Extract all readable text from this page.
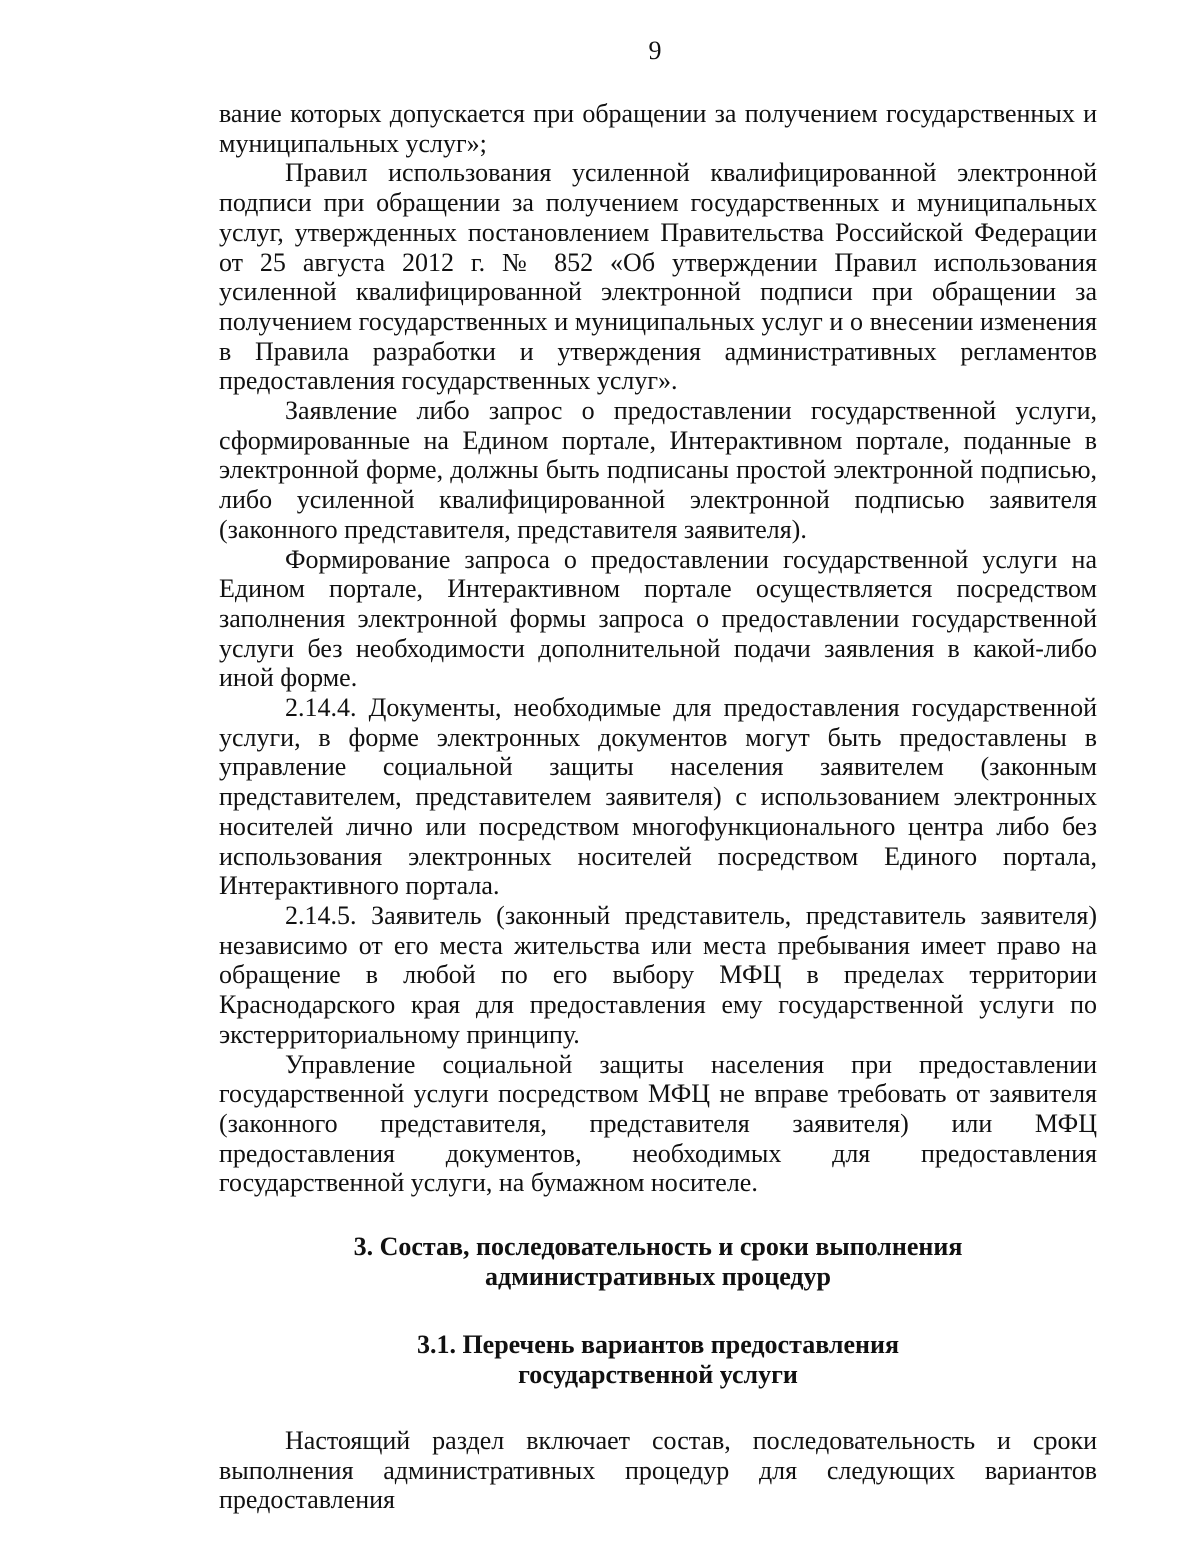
9

вание которых допускается при обращении за получением государственных и муниципальных услуг»;

Правил использования усиленной квалифицированной электронной подписи при обращении за получением государственных и муниципальных услуг, утвержденных постановлением Правительства Российской Федерации от 25 августа 2012 г. № 852 «Об утверждении Правил использования усиленной квалифицированной электронной подписи при обращении за получением государственных и муниципальных услуг и о внесении изменения в Правила разработки и утверждения административных регламентов предоставления государственных услуг».

Заявление либо запрос о предоставлении государственной услуги, сформированные на Едином портале, Интерактивном портале, поданные в электронной форме, должны быть подписаны простой электронной подписью, либо усиленной квалифицированной электронной подписью заявителя (законного представителя, представителя заявителя).

Формирование запроса о предоставлении государственной услуги на Едином портале, Интерактивном портале осуществляется посредством заполнения электронной формы запроса о предоставлении государственной услуги без необходимости дополнительной подачи заявления в какой-либо иной форме.

2.14.4. Документы, необходимые для предоставления государственной услуги, в форме электронных документов могут быть предоставлены в управление социальной защиты населения заявителем (законным представителем, представителем заявителя) с использованием электронных носителей лично или посредством многофункционального центра либо без использования электронных носителей посредством Единого портала, Интерактивного портала.

2.14.5. Заявитель (законный представитель, представитель заявителя) независимо от его места жительства или места пребывания имеет право на обращение в любой по его выбору МФЦ в пределах территории Краснодарского края для предоставления ему государственной услуги по экстерриториальному принципу.

Управление социальной защиты населения при предоставлении государственной услуги посредством МФЦ не вправе требовать от заявителя (законного представителя, представителя заявителя) или МФЦ предоставления документов, необходимых для предоставления государственной услуги, на бумажном носителе.

3. Состав, последовательность и сроки выполнения
административных процедур
3.1. Перечень вариантов предоставления
государственной услуги

Настоящий раздел включает состав, последовательность и сроки выполнения административных процедур для следующих вариантов предоставления
